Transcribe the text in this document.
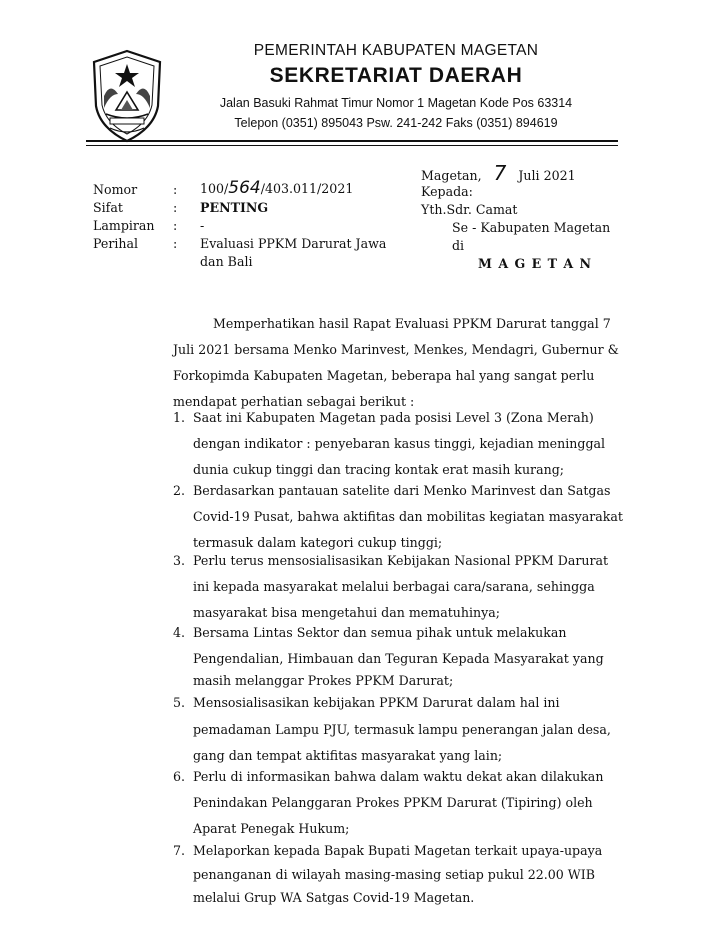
PEMERINTAH KABUPATEN MAGETAN
SEKRETARIAT DAERAH
Jalan Basuki Rahmat Timur Nomor 1 Magetan Kode Pos 63314
Telepon (0351) 895043 Psw. 241-242 Faks (0351) 894619
Magetan, 7 Juli 2021
Nomor
Sifat
Lampiran
Perihal
:
:
:
:
100/564/403.011/2021
PENTING
-
Evaluasi PPKM Darurat Jawa
dan Bali
Kepada:
Yth.Sdr. Camat
Se - Kabupaten Magetan
di
M A G E T A N
Memperhatikan hasil Rapat Evaluasi PPKM Darurat tanggal 7
Juli 2021 bersama Menko Marinvest, Menkes, Mendagri, Gubernur &
Forkopimda Kabupaten Magetan, beberapa hal yang sangat perlu
mendapat perhatian sebagai berikut :
1. Saat ini Kabupaten Magetan pada posisi Level 3 (Zona Merah)
dengan indikator : penyebaran kasus tinggi, kejadian meninggal
dunia cukup tinggi dan tracing kontak erat masih kurang;
2. Berdasarkan pantauan satelite dari Menko Marinvest dan Satgas
Covid-19 Pusat, bahwa aktifitas dan mobilitas kegiatan masyarakat
termasuk dalam kategori cukup tinggi;
3. Perlu terus mensosialisasikan Kebijakan Nasional PPKM Darurat
ini kepada masyarakat melalui berbagai cara/sarana, sehingga
masyarakat bisa mengetahui dan mematuhinya;
4. Bersama Lintas Sektor dan semua pihak untuk melakukan
Pengendalian, Himbauan dan Teguran Kepada Masyarakat yang
masih melanggar Prokes PPKM Darurat;
5. Mensosialisasikan kebijakan PPKM Darurat dalam hal ini
pemadaman Lampu PJU, termasuk lampu penerangan jalan desa,
gang dan tempat aktifitas masyarakat yang lain;
6. Perlu di informasikan bahwa dalam waktu dekat akan dilakukan
Penindakan Pelanggaran Prokes PPKM Darurat (Tipiring) oleh
Aparat Penegak Hukum;
7. Melaporkan kepada Bapak Bupati Magetan terkait upaya-upaya
penanganan di wilayah masing-masing setiap pukul 22.00 WIB
melalui Grup WA Satgas Covid-19 Magetan.
